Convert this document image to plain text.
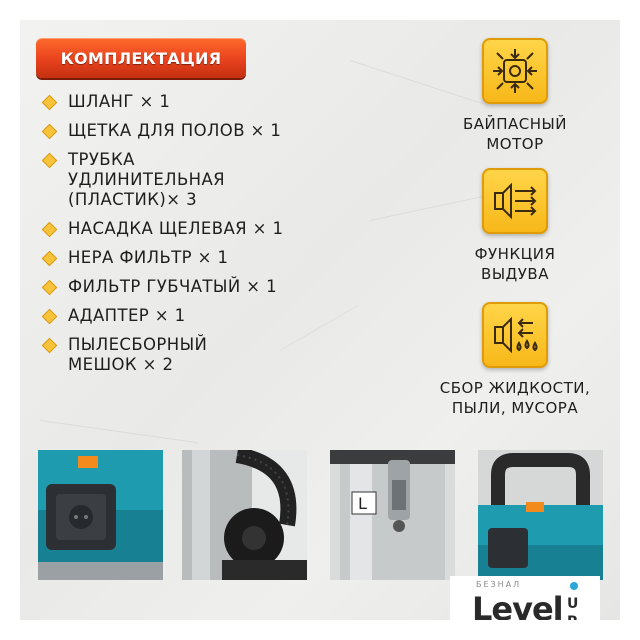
КОМПЛЕКТАЦИЯ
ШЛАНГ × 1
ЩЕТКА ДЛЯ ПОЛОВ × 1
ТРУБКА УДЛИНИТЕЛЬНАЯ (ПЛАСТИК)× 3
НАСАДКА ЩЕЛЕВАЯ × 1
НЕРА ФИЛЬТР × 1
ФИЛЬТР ГУБЧАТЫЙ × 1
АДАПТЕР × 1
ПЫЛЕСБОРНЫЙ МЕШОК × 2
БАЙПАСНЫЙ МОТОР
ФУНКЦИЯ ВЫДУВА
СБОР ЖИДКОСТИ, ПЫЛИ, МУСОРА
L
БЕЗНАЛ
Level U
P
